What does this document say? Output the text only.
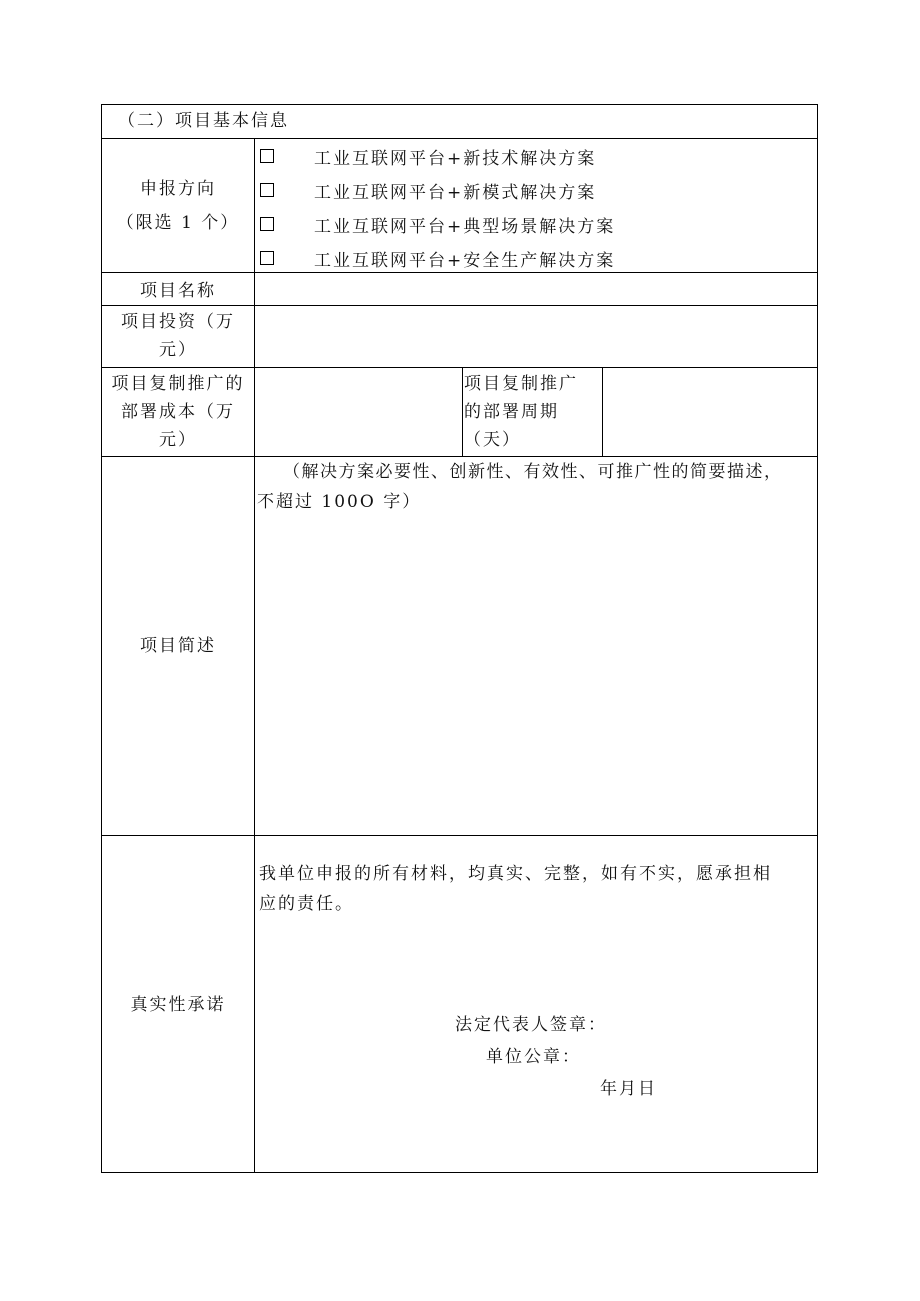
（二）项目基本信息
申报方向
（限选 1 个）
工业互联网平台+新技术解决方案
工业互联网平台+新模式解决方案
工业互联网平台+典型场景解决方案
工业互联网平台+安全生产解决方案
项目名称
项目投资（万
元）
项目复制推广的
部署成本（万
元）
项目复制推广
的部署周期
（天）
项目简述
（解决方案必要性、创新性、有效性、可推广性的简要描述，
不超过 100O 字）
真实性承诺
我单位申报的所有材料，均真实、完整，如有不实，愿承担相
应的责任。
法定代表人签章：
单位公章：
年月日
